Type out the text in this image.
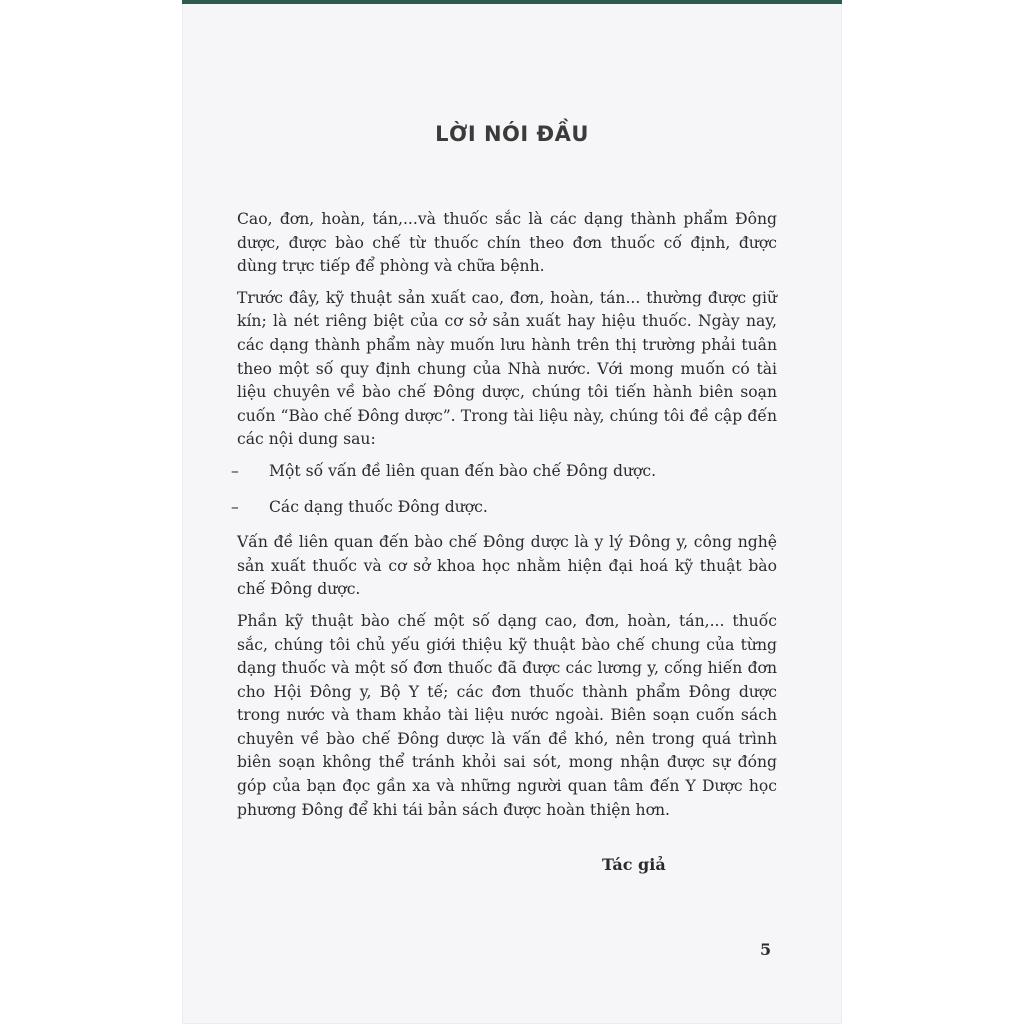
LỜI NÓI ĐẦU

Cao, đơn, hoàn, tán,...và thuốc sắc là các dạng thành phẩm Đông dược, được bào chế từ thuốc chín theo đơn thuốc cố định, được dùng trực tiếp để phòng và chữa bệnh.

Trước đây, kỹ thuật sản xuất cao, đơn, hoàn, tán... thường được giữ kín; là nét riêng biệt của cơ sở sản xuất hay hiệu thuốc. Ngày nay, các dạng thành phẩm này muốn lưu hành trên thị trường phải tuân theo một số quy định chung của Nhà nước. Với mong muốn có tài liệu chuyên về bào chế Đông dược, chúng tôi tiến hành biên soạn cuốn “Bào chế Đông dược”. Trong tài liệu này, chúng tôi đề cập đến các nội dung sau:

– Một số vấn đề liên quan đến bào chế Đông dược.

– Các dạng thuốc Đông dược.

Vấn đề liên quan đến bào chế Đông dược là y lý Đông y, công nghệ sản xuất thuốc và cơ sở khoa học nhằm hiện đại hoá kỹ thuật bào chế Đông dược.

Phần kỹ thuật bào chế một số dạng cao, đơn, hoàn, tán,... thuốc sắc, chúng tôi chủ yếu giới thiệu kỹ thuật bào chế chung của từng dạng thuốc và một số đơn thuốc đã được các lương y, cống hiến đơn cho Hội Đông y, Bộ Y tế; các đơn thuốc thành phẩm Đông dược trong nước và tham khảo tài liệu nước ngoài. Biên soạn cuốn sách chuyên về bào chế Đông dược là vấn đề khó, nên trong quá trình biên soạn không thể tránh khỏi sai sót, mong nhận được sự đóng góp của bạn đọc gần xa và những người quan tâm đến Y Dược học phương Đông để khi tái bản sách được hoàn thiện hơn.

Tác giả
5
